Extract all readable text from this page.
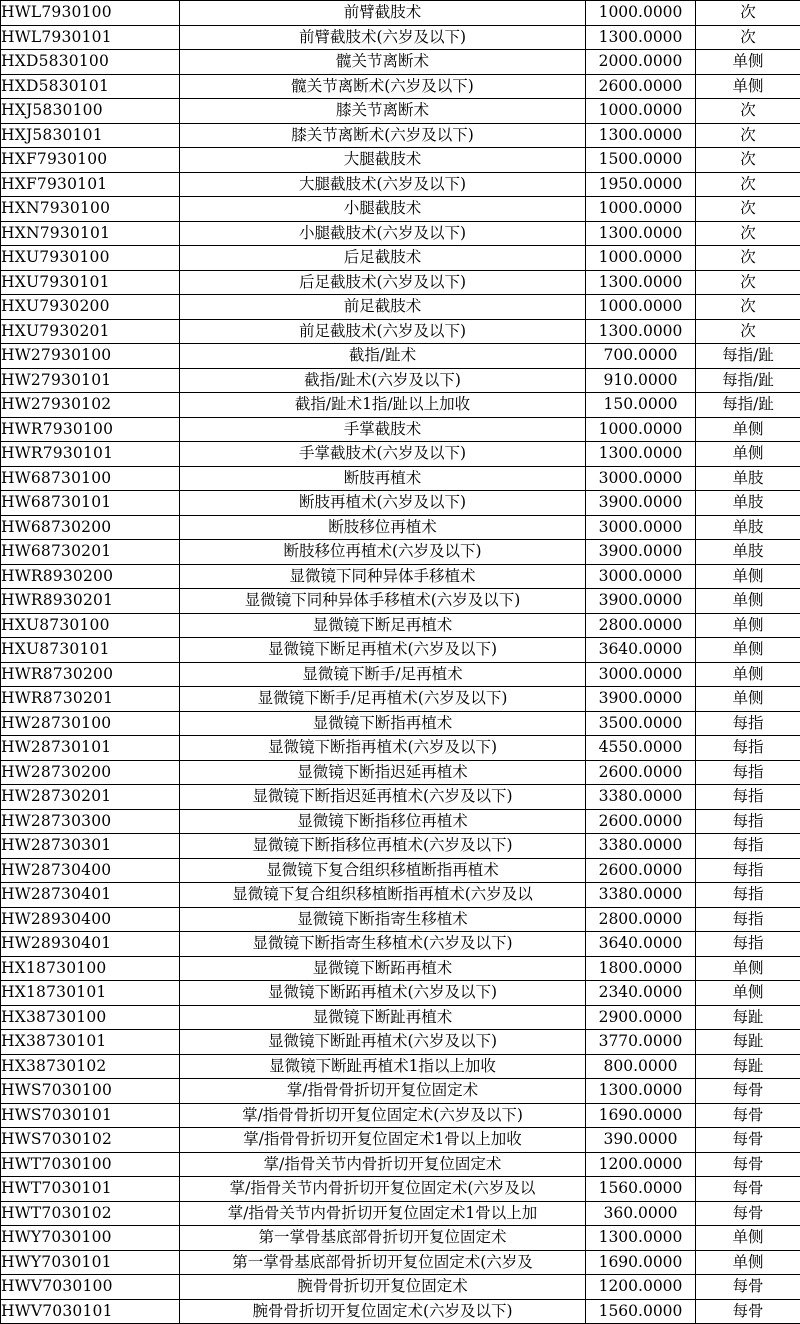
HWL7930100	前臂截肢术	1000.0000	次
HWL7930101	前臂截肢术(六岁及以下)	1300.0000	次
HXD5830100	髋关节离断术	2000.0000	单侧
HXD5830101	髋关节离断术(六岁及以下)	2600.0000	单侧
HXJ5830100	膝关节离断术	1000.0000	次
HXJ5830101	膝关节离断术(六岁及以下)	1300.0000	次
HXF7930100	大腿截肢术	1500.0000	次
HXF7930101	大腿截肢术(六岁及以下)	1950.0000	次
HXN7930100	小腿截肢术	1000.0000	次
HXN7930101	小腿截肢术(六岁及以下)	1300.0000	次
HXU7930100	后足截肢术	1000.0000	次
HXU7930101	后足截肢术(六岁及以下)	1300.0000	次
HXU7930200	前足截肢术	1000.0000	次
HXU7930201	前足截肢术(六岁及以下)	1300.0000	次
HW27930100	截指/趾术	700.0000	每指/趾
HW27930101	截指/趾术(六岁及以下)	910.0000	每指/趾
HW27930102	截指/趾术1指/趾以上加收	150.0000	每指/趾
HWR7930100	手掌截肢术	1000.0000	单侧
HWR7930101	手掌截肢术(六岁及以下)	1300.0000	单侧
HW68730100	断肢再植术	3000.0000	单肢
HW68730101	断肢再植术(六岁及以下)	3900.0000	单肢
HW68730200	断肢移位再植术	3000.0000	单肢
HW68730201	断肢移位再植术(六岁及以下)	3900.0000	单肢
HWR8930200	显微镜下同种异体手移植术	3000.0000	单侧
HWR8930201	显微镜下同种异体手移植术(六岁及以下)	3900.0000	单侧
HXU8730100	显微镜下断足再植术	2800.0000	单侧
HXU8730101	显微镜下断足再植术(六岁及以下)	3640.0000	单侧
HWR8730200	显微镜下断手/足再植术	3000.0000	单侧
HWR8730201	显微镜下断手/足再植术(六岁及以下)	3900.0000	单侧
HW28730100	显微镜下断指再植术	3500.0000	每指
HW28730101	显微镜下断指再植术(六岁及以下)	4550.0000	每指
HW28730200	显微镜下断指迟延再植术	2600.0000	每指
HW28730201	显微镜下断指迟延再植术(六岁及以下)	3380.0000	每指
HW28730300	显微镜下断指移位再植术	2600.0000	每指
HW28730301	显微镜下断指移位再植术(六岁及以下)	3380.0000	每指
HW28730400	显微镜下复合组织移植断指再植术	2600.0000	每指
HW28730401	显微镜下复合组织移植断指再植术(六岁及以	3380.0000	每指
HW28930400	显微镜下断指寄生移植术	2800.0000	每指
HW28930401	显微镜下断指寄生移植术(六岁及以下)	3640.0000	每指
HX18730100	显微镜下断跖再植术	1800.0000	单侧
HX18730101	显微镜下断跖再植术(六岁及以下)	2340.0000	单侧
HX38730100	显微镜下断趾再植术	2900.0000	每趾
HX38730101	显微镜下断趾再植术(六岁及以下)	3770.0000	每趾
HX38730102	显微镜下断趾再植术1指以上加收	800.0000	每趾
HWS7030100	掌/指骨骨折切开复位固定术	1300.0000	每骨
HWS7030101	掌/指骨骨折切开复位固定术(六岁及以下)	1690.0000	每骨
HWS7030102	掌/指骨骨折切开复位固定术1骨以上加收	390.0000	每骨
HWT7030100	掌/指骨关节内骨折切开复位固定术	1200.0000	每骨
HWT7030101	掌/指骨关节内骨折切开复位固定术(六岁及以	1560.0000	每骨
HWT7030102	掌/指骨关节内骨折切开复位固定术1骨以上加	360.0000	每骨
HWY7030100	第一掌骨基底部骨折切开复位固定术	1300.0000	单侧
HWY7030101	第一掌骨基底部骨折切开复位固定术(六岁及	1690.0000	单侧
HWV7030100	腕骨骨折切开复位固定术	1200.0000	每骨
HWV7030101	腕骨骨折切开复位固定术(六岁及以下)	1560.0000	每骨
